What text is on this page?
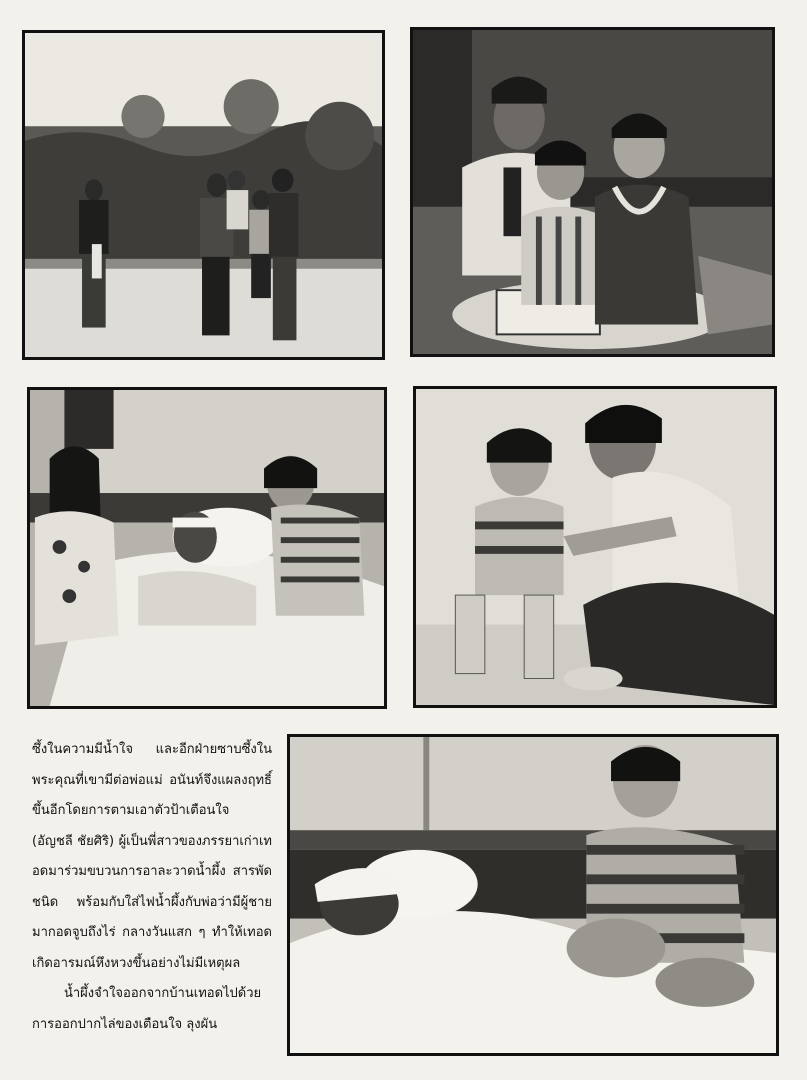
ซึ้งในความมีน้ำใจ และอีกฝ่ายซาบซึ้งในพระคุณที่เขามีต่อพ่อแม่ อนันท์จึงแผลงฤทธิ์ขึ้นอีกโดยการตามเอาตัวป้าเตือนใจ (อัญชลี ชัยศิริ) ผู้เป็นพี่สาวของภรรยาเก่าเทอดมาร่วมขบวนการอาละวาดน้ำผึ้ง สารพัดชนิด พร้อมกับใส่ไฟน้ำผึ้งกับพ่อว่ามีผู้ชายมากอดจูบถึงไร่ กลางวันแสก ๆ ทำให้เทอดเกิดอารมณ์หึงหวงขึ้นอย่างไม่มีเหตุผล

น้ำผึ้งจำใจออกจากบ้านเทอดไปด้วยการออกปากไล่ของเตือนใจ ลุงผัน
